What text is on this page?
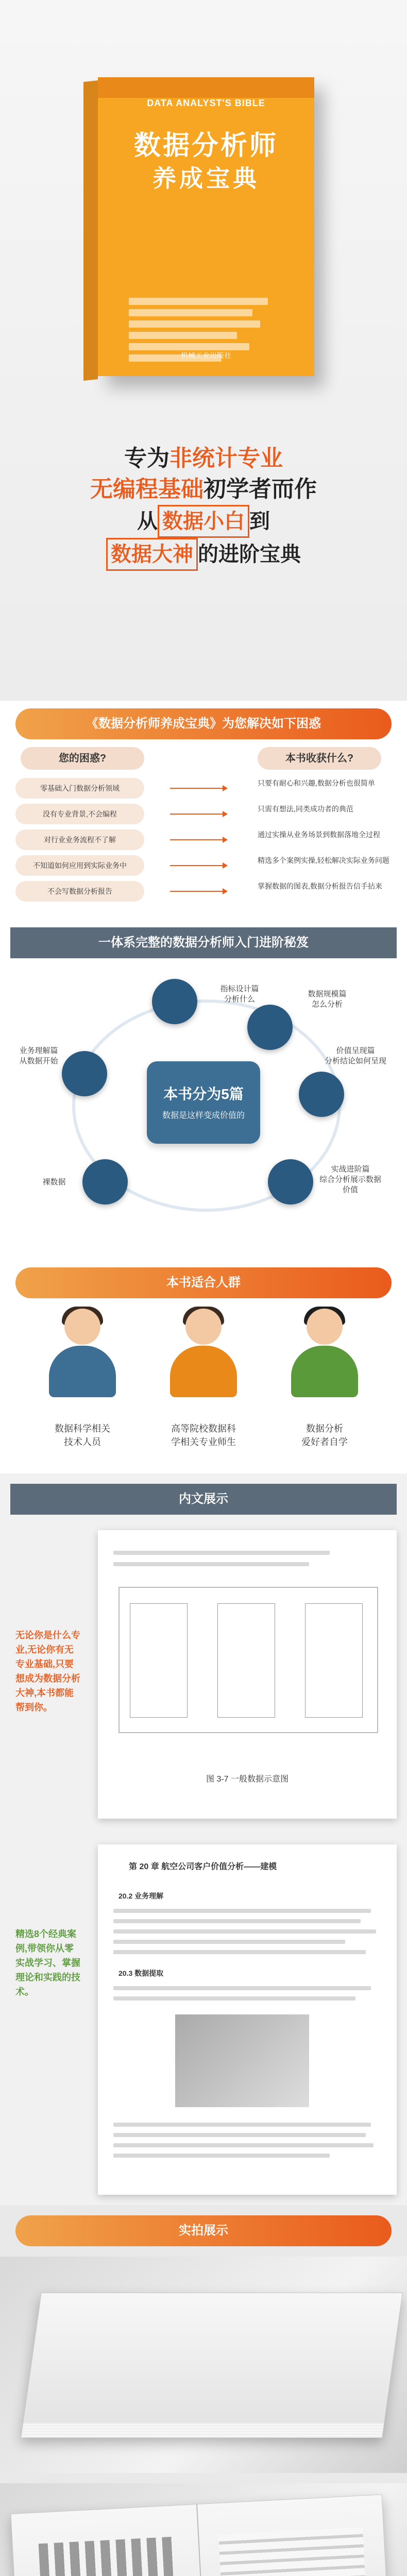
DATA ANALYST'S BIBLE
数据分析师
养成宝典
机械工业出版社
专为非统计专业
无编程基础初学者而作
从 数据小白 到
数据大神 的进阶宝典
《数据分析师养成宝典》为您解决如下困惑
您的困惑?	本书收获什么?
零基础入门数据分析领域
只要有耐心和兴趣,数据分析也很简单
没有专业背景,不会编程
只需有想法,同类成功者的典范
对行业业务流程不了解
通过实操从业务场景到数据落地全过程
不知道如何应用到实际业务中
精选多个案例实操,轻松解决实际业务问题
不会写数据分析报告
掌握数据的图表,数据分析报告信手拈来
一体系完整的数据分析师入门进阶秘笈
本书分为5篇
数据是这样变成价值的
指标设计篇
分析什么
数据规模篇
怎么分析
价值呈现篇
分析结论如何呈现
实战进阶篇
综合分析展示数据价值
裸数据
业务理解篇
从数据开始
本书适合人群
数据科学相关
技术人员
高等院校数据科
学相关专业师生
数据分析
爱好者自学
内文展示
图 3-7 一般数据示意图
无论你是什么专业,无论你有无专业基础,只要想成为数据分析大神,本书都能帮到你。
第 20 章 航空公司客户价值分析——建模
20.2 业务理解
20.3 数据提取
精选8个经典案例,带领你从零实战学习、掌握理论和实践的技术。
实拍展示
